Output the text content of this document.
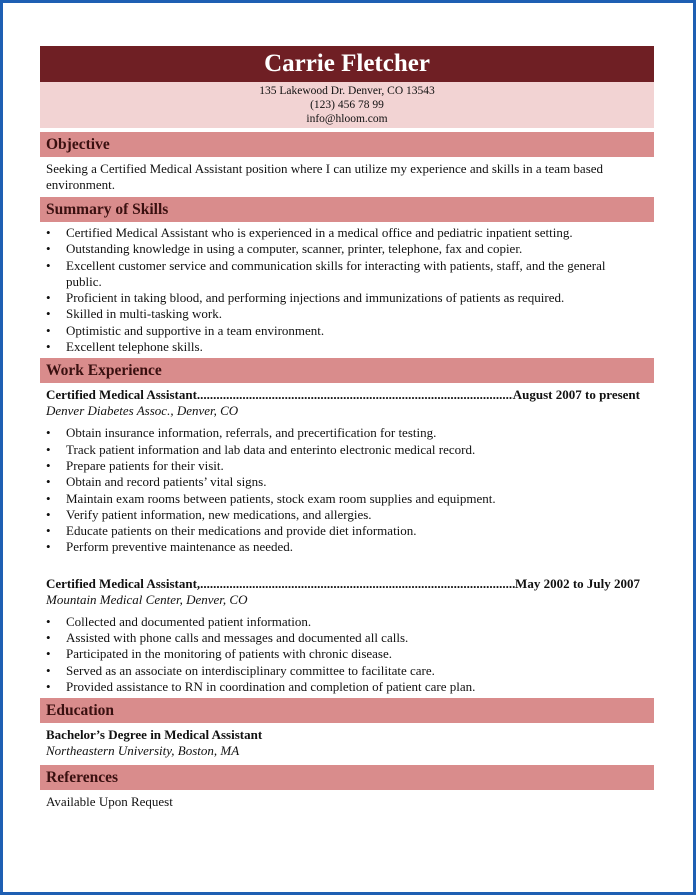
Carrie Fletcher
135 Lakewood Dr. Denver, CO 13543
(123) 456 78 99
info@hloom.com
Objective
Seeking a Certified Medical Assistant position where I can utilize my experience and skills in a team based environment.
Summary of Skills
• Certified Medical Assistant who is experienced in a medical office and pediatric inpatient setting.
• Outstanding knowledge in using a computer, scanner, printer, telephone, fax and copier.
• Excellent customer service and communication skills for interacting with patients, staff, and the general public.
• Proficient in taking blood, and performing injections and immunizations of patients as required.
• Skilled in multi-tasking work.
• Optimistic and supportive in a team environment.
• Excellent telephone skills.
Work Experience
Certified Medical Assistant .....	August 2007 to present
Denver Diabetes Assoc., Denver, CO
• Obtain insurance information, referrals, and precertification for testing.
• Track patient information and lab data and enterinto electronic medical record.
• Prepare patients for their visit.
• Obtain and record patients’ vital signs.
• Maintain exam rooms between patients, stock exam room supplies and equipment.
• Verify patient information, new medications, and allergies.
• Educate patients on their medications and provide diet information.
• Perform preventive maintenance as needed.
Certified Medical Assistant, .....	May 2002 to July 2007
Mountain Medical Center, Denver, CO
• Collected and documented patient information.
• Assisted with phone calls and messages and documented all calls.
• Participated in the monitoring of patients with chronic disease.
• Served as an associate on interdisciplinary committee to facilitate care.
• Provided assistance to RN in coordination and completion of patient care plan.
Education
Bachelor’s Degree in Medical Assistant
Northeastern University, Boston, MA
References
Available Upon Request
